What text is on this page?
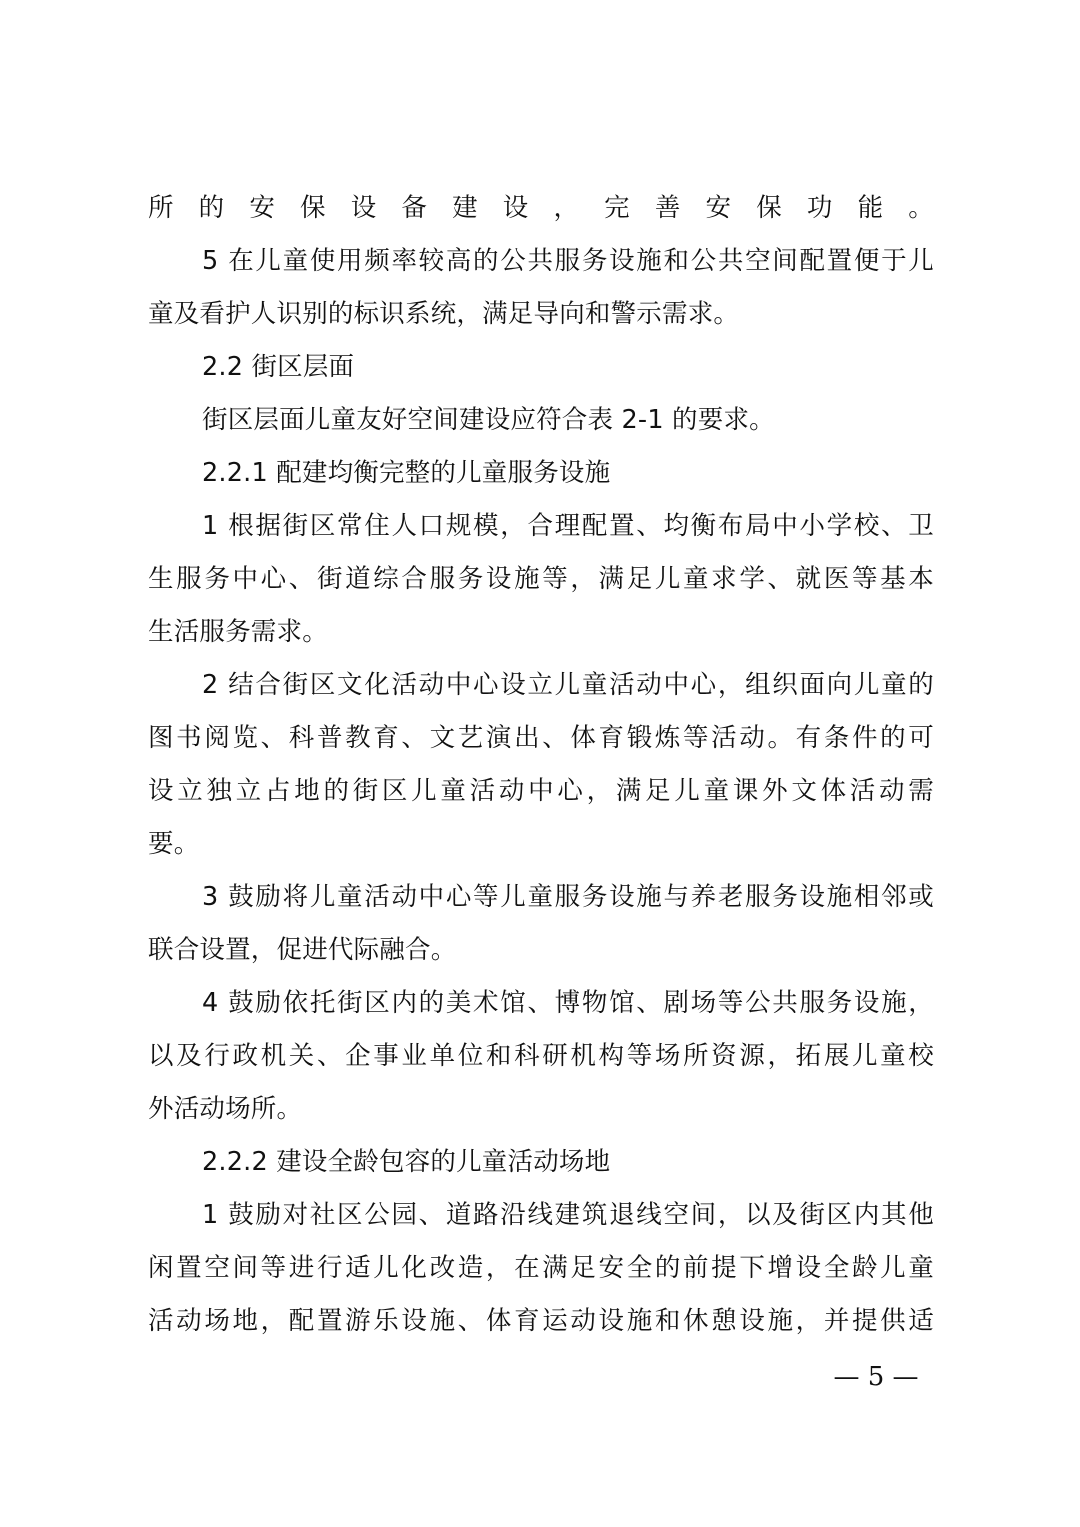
所的安保设备建设，完善安保功能。
5 在儿童使用频率较高的公共服务设施和公共空间配置便于儿
童及看护人识别的标识系统，满足导向和警示需求。
2.2 街区层面
街区层面儿童友好空间建设应符合表 2-1 的要求。
2.2.1 配建均衡完整的儿童服务设施
1 根据街区常住人口规模，合理配置、均衡布局中小学校、卫
生服务中心、街道综合服务设施等，满足儿童求学、就医等基本
生活服务需求。
2 结合街区文化活动中心设立儿童活动中心，组织面向儿童的
图书阅览、科普教育、文艺演出、体育锻炼等活动。有条件的可
设立独立占地的街区儿童活动中心，满足儿童课外文体活动需
要。
3 鼓励将儿童活动中心等儿童服务设施与养老服务设施相邻或
联合设置，促进代际融合。
4 鼓励依托街区内的美术馆、博物馆、剧场等公共服务设施，
以及行政机关、企事业单位和科研机构等场所资源，拓展儿童校
外活动场所。
2.2.2 建设全龄包容的儿童活动场地
1 鼓励对社区公园、道路沿线建筑退线空间，以及街区内其他
闲置空间等进行适儿化改造，在满足安全的前提下增设全龄儿童
活动场地，配置游乐设施、体育运动设施和休憩设施，并提供适
— 5 —
